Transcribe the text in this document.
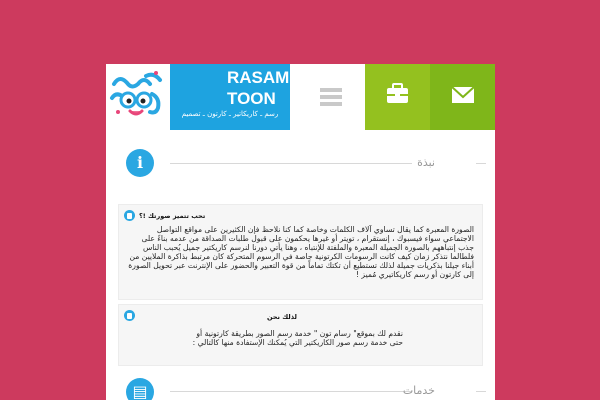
RASAM
TOON
رسم ـ كاريكاتير ـ كارتون ـ تصميم
i	نبذة
تحب تتميز صورتك !؟
الصورة المعبرة كما يقال تساوي آلاف الكلمات وخاصة كما كنا نلاحظ فإن الكثيرين على مواقع التواصل الاجتماعي سواء فيسبوك ، إنستقرام ، تويتر أو غيرها يحكمون على قبول طلبات الصداقة من عدمه بناءً على جذب إنتباههم بالصورة الجميلة المعبرة والملفتة للإنتباه ، وهنا يأتي دورنا لنرسم كاريكتير جميل يُحبب الناس فلطالما نتذكر زمان كيف كانت الرسومات الكرتونية جاصة في الرسوم المتحركة كان مرتبط بذاكرة الملايين من أبناء جيلنا بذكريات جميلة لذلك تستطيع أن تكتك تماماً من قوة التعبير والحضور على الإنترنت عبر تحويل الصورة إلى كارتون أو رسم كاريكاتيري مُميز !
لذلك نحن
نقدم لك بموقع" رسام تون " خدمة رسم الصور بطريقة كارتونية أو حتى خدمة رسم صور الكاريكتير التي يُمكنك الإستفادة منها كالتالي :
▤	خدمات
